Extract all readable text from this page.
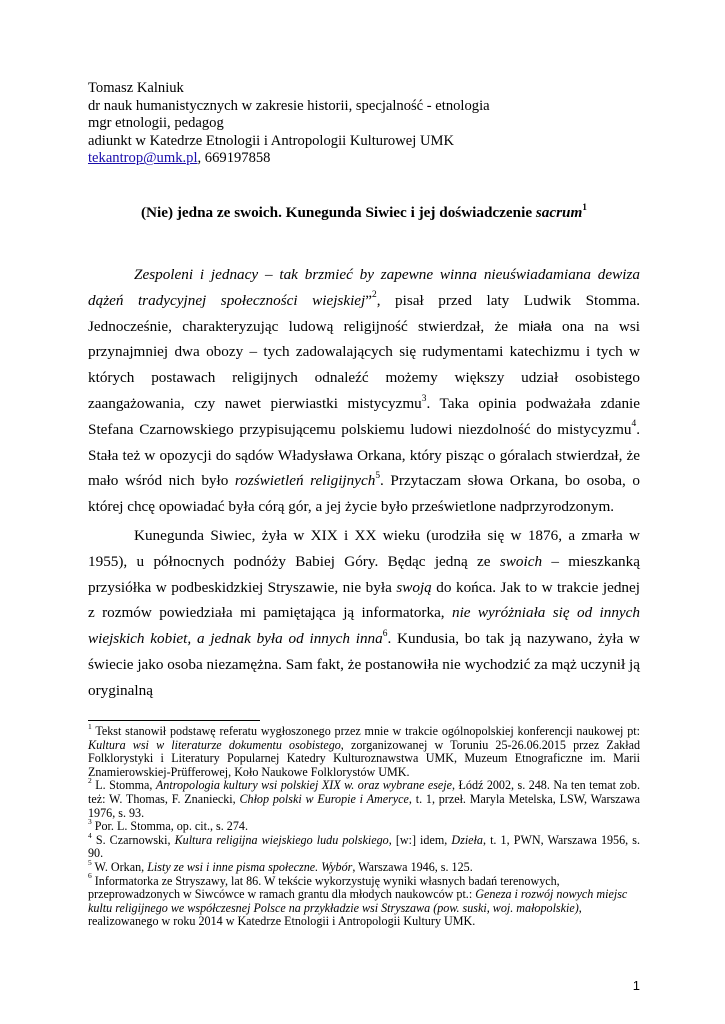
Tomasz Kalniuk
dr nauk humanistycznych w zakresie historii, specjalność - etnologia
mgr etnologii, pedagog
adiunkt w Katedrze Etnologii i Antropologii Kulturowej UMK
tekantrop@umk.pl, 669197858
(Nie) jedna ze swoich. Kunegunda Siwiec i jej doświadczenie sacrum$^1$
Zespoleni i jednacy – tak brzmieć by zapewne winna nieuświadamiana dewiza dążeń tradycyjnej społeczności wiejskiej”$^2$, pisał przed laty Ludwik Stomma. Jednocześnie, charakteryzując ludową religijność stwierdzał, że miała ona na wsi przynajmniej dwa obozy – tych zadowalających się rudymentami katechizmu i tych w których postawach religijnych odnaleźć możemy większy udział osobistego zaangażowania, czy nawet pierwiastki mistycyzmu$^3$. Taka opinia podważała zdanie Stefana Czarnowskiego przypisującemu polskiemu ludowi niezdolność do mistycyzmu$^4$. Stała też w opozycji do sądów Władysława Orkana, który pisząc o góralach stwierdzał, że mało wśród nich było rozświetleń religijnych$^5$. Przytaczam słowa Orkana, bo osoba, o której chcę opowiadać była córą gór, a jej życie było prześwietlone nadprzyrodzonym.
Kunegunda Siwiec, żyła w XIX i XX wieku (urodziła się w 1876, a zmarła w 1955), u północnych podnóży Babiej Góry. Będąc jedną ze swoich – mieszkanką przysiółka w podbeskidzkiej Stryszawie, nie była swoją do końca. Jak to w trakcie jednej z rozmów powiedziała mi pamiętająca ją informatorka, nie wyróżniała się od innych wiejskich kobiet, a jednak była od innych inna$^6$. Kundusia, bo tak ją nazywano, żyła w świecie jako osoba niezamężna. Sam fakt, że postanowiła nie wychodzić za mąż uczynił ją oryginalną

$^1$ Tekst stanowił podstawę referatu wygłoszonego przez mnie w trakcie ogólnopolskiej konferencji naukowej pt: Kultura wsi w literaturze dokumentu osobistego, zorganizowanej w Toruniu 25-26.06.2015 przez Zakład Folklorystyki i Literatury Popularnej Katedry Kulturoznawstwa UMK, Muzeum Etnograficzne im. Marii Znamierowskiej-Prüfferowej, Koło Naukowe Folklorystów UMK.

$^2$ L. Stomma, Antropologia kultury wsi polskiej XIX w. oraz wybrane eseje, Łódź 2002, s. 248. Na ten temat zob. też: W. Thomas, F. Znaniecki, Chłop polski w Europie i Ameryce, t. 1, przeł. Maryla Metelska, LSW, Warszawa 1976, s. 93.

$^3$ Por. L. Stomma, op. cit., s. 274.

$^4$ S. Czarnowski, Kultura religijna wiejskiego ludu polskiego, [w:] idem, Dzieła, t. 1, PWN, Warszawa 1956, s. 90.

$^5$ W. Orkan, Listy ze wsi i inne pisma społeczne. Wybór, Warszawa 1946, s. 125.

$^6$ Informatorka ze Stryszawy, lat 86. W tekście wykorzystuję wyniki własnych badań terenowych, przeprowadzonych w Siwcówce w ramach grantu dla młodych naukowców pt.: Geneza i rozwój nowych miejsc kultu religijnego we współczesnej Polsce na przykładzie wsi Stryszawa (pow. suski, woj. małopolskie), realizowanego w roku 2014 w Katedrze Etnologii i Antropologii Kultury UMK.

1
